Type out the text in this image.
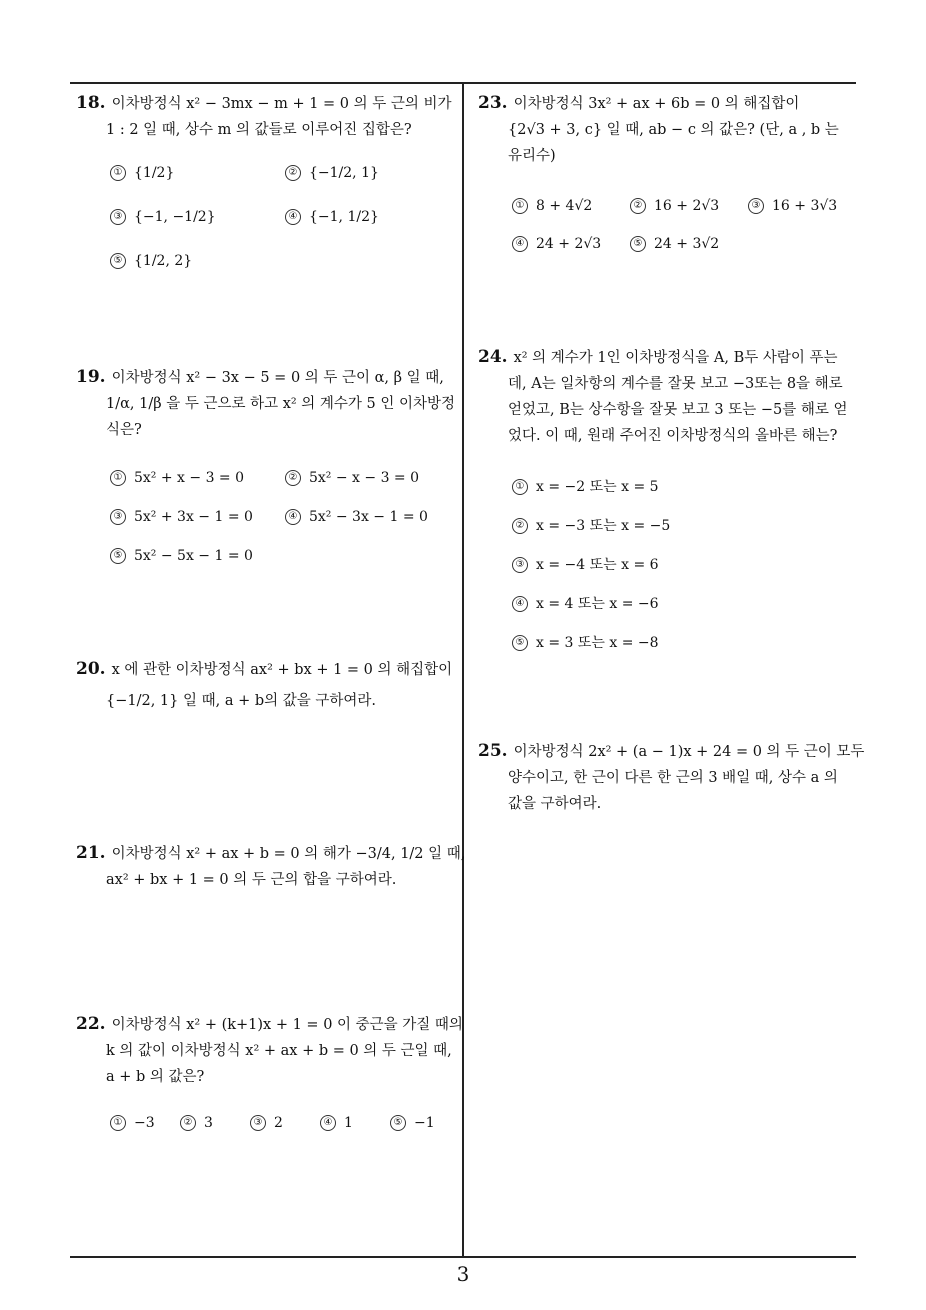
18. 이차방정식 x² − 3mx − m + 1 = 0 의 두 근의 비가
1 : 2 일 때, 상수 m 의 값들로 이루어진 집합은?
① {1/2}	② {−1/2, 1}
③ {−1, −1/2}	④ {−1, 1/2}
⑤ {1/2, 2}
19. 이차방정식 x² − 3x − 5 = 0 의 두 근이 α, β 일 때,
1/α, 1/β 을 두 근으로 하고 x² 의 계수가 5 인 이차방정
식은?
① 5x² + x − 3 = 0	② 5x² − x − 3 = 0
③ 5x² + 3x − 1 = 0	④ 5x² − 3x − 1 = 0
⑤ 5x² − 5x − 1 = 0
20. x 에 관한 이차방정식 ax² + bx + 1 = 0 의 해집합이
{−1/2, 1} 일 때, a + b의 값을 구하여라.
21. 이차방정식 x² + ax + b = 0 의 해가 −3/4, 1/2 일 때,
ax² + bx + 1 = 0 의 두 근의 합을 구하여라.
22. 이차방정식 x² + (k+1)x + 1 = 0 이 중근을 가질 때의
k 의 값이 이차방정식 x² + ax + b = 0 의 두 근일 때,
a + b 의 값은?
① −3	② 3	③ 2	④ 1	⑤ −1
23. 이차방정식 3x² + ax + 6b = 0 의 해집합이
{2√3 + 3, c} 일 때, ab − c 의 값은? (단, a , b 는
유리수)
① 8 + 4√2	② 16 + 2√3	③ 16 + 3√3
④ 24 + 2√3	⑤ 24 + 3√2
24. x² 의 계수가 1인 이차방정식을 A, B두 사람이 푸는
데, A는 일차항의 계수를 잘못 보고 −3또는 8을 해로
얻었고, B는 상수항을 잘못 보고 3 또는 −5를 해로 얻
었다. 이 때, 원래 주어진 이차방정식의 올바른 해는?
① x = −2 또는 x = 5
② x = −3 또는 x = −5
③ x = −4 또는 x = 6
④ x = 4 또는 x = −6
⑤ x = 3 또는 x = −8
25. 이차방정식 2x² + (a − 1)x + 24 = 0 의 두 근이 모두
양수이고, 한 근이 다른 한 근의 3 배일 때, 상수 a 의
값을 구하여라.
3
